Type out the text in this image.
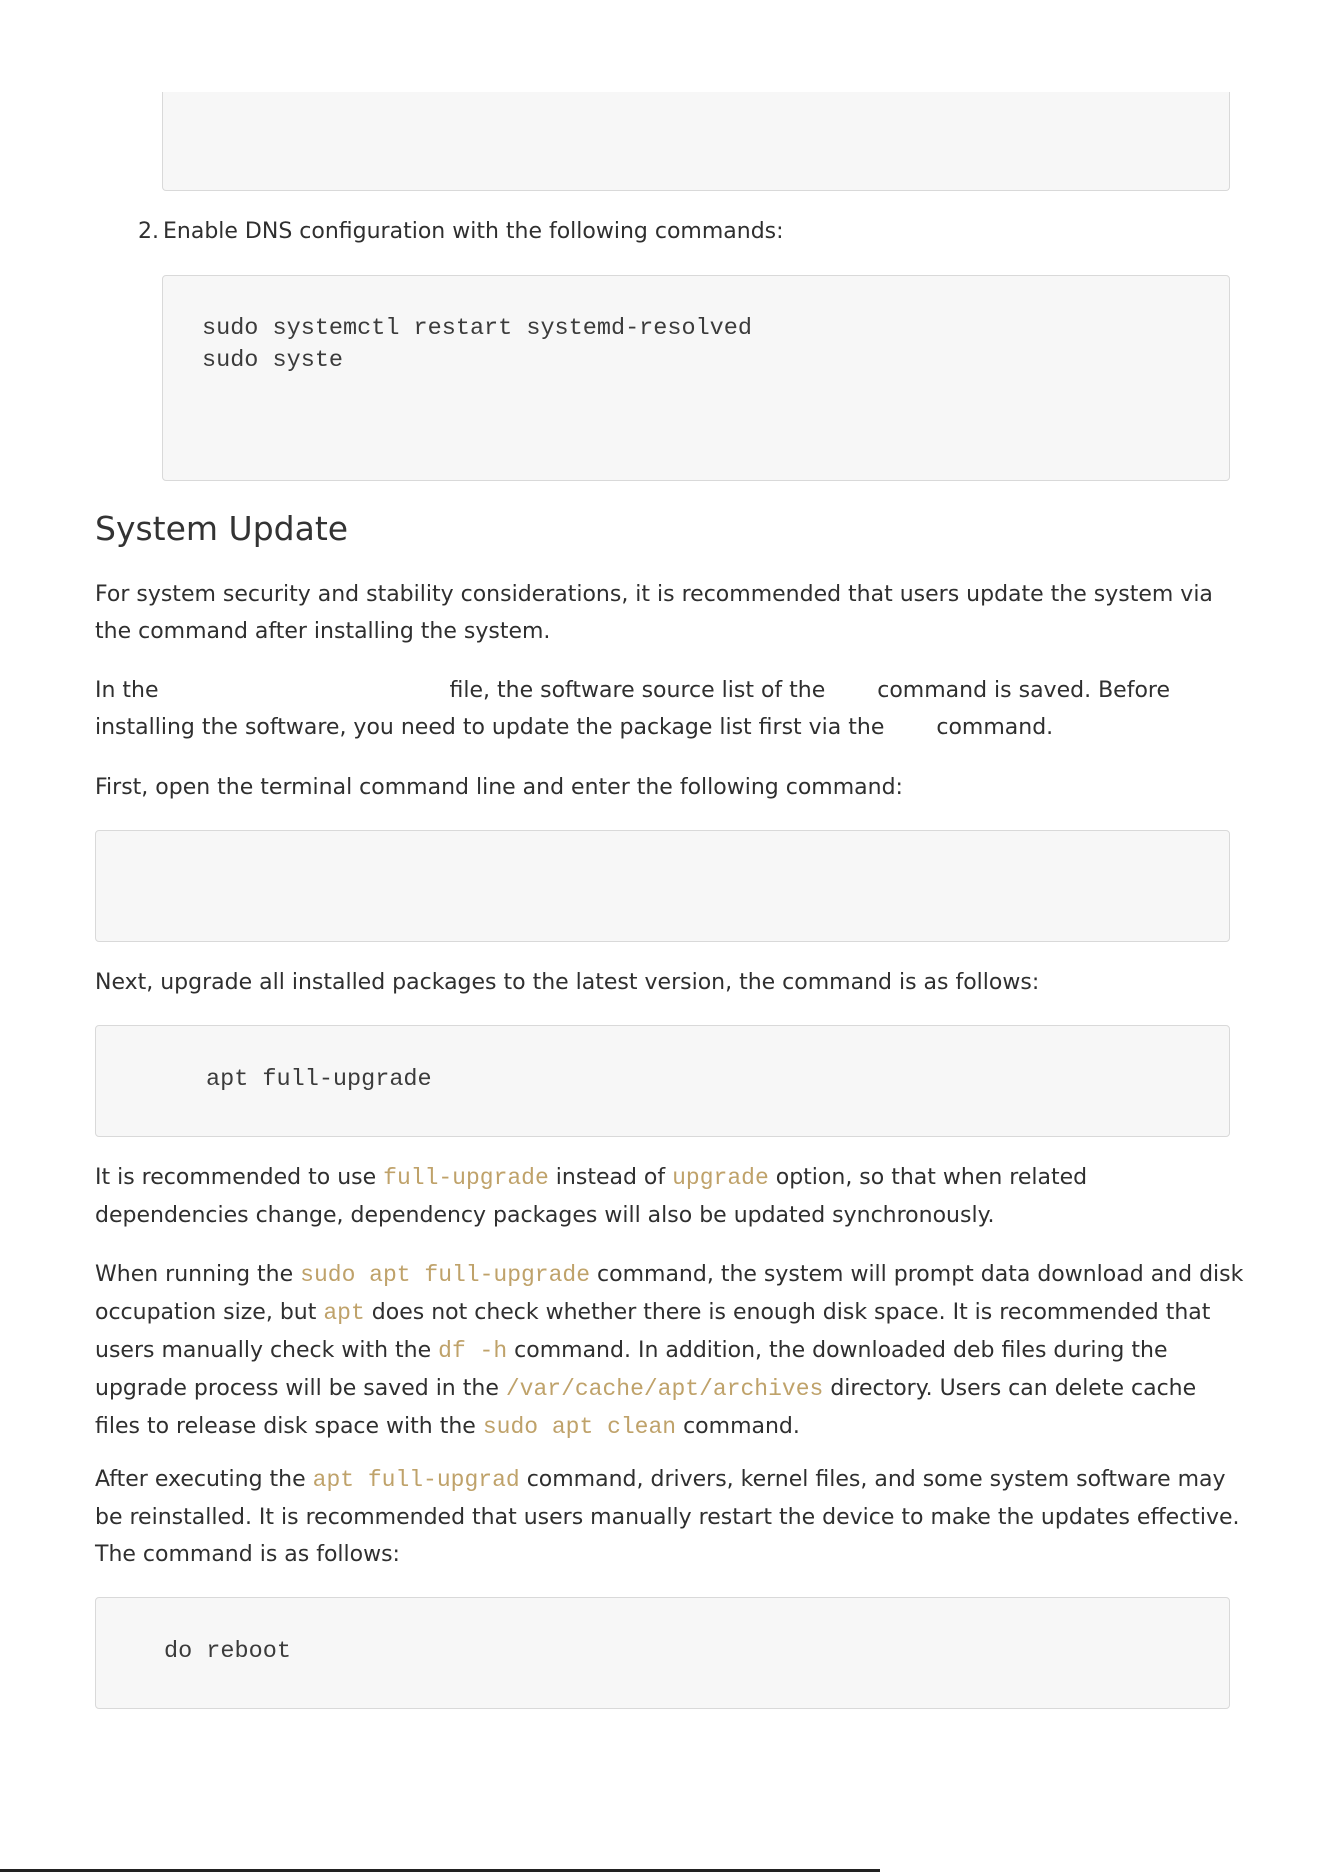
2. Enable DNS configuration with the following commands:
sudo systemctl restart systemd-resolved
sudo syste
System Update

For system security and stability considerations, it is recommended that users update the system via the command after installing the system.

In the	file, the software source list of the command is saved. Before installing the software, you need to update the package list first via the command.

First, open the terminal command line and enter the following command:

Next, upgrade all installed packages to the latest version, the command is as follows:

apt full-upgrade

It is recommended to use full-upgrade instead of upgrade option, so that when related dependencies change, dependency packages will also be updated synchronously.

When running the sudo apt full-upgrade command, the system will prompt data download and disk occupation size, but apt does not check whether there is enough disk space. It is recommended that users manually check with the df -h command. In addition, the downloaded deb files during the upgrade process will be saved in the /var/cache/apt/archives directory. Users can delete cache files to release disk space with the sudo apt clean command.

After executing the apt full-upgrad command, drivers, kernel files, and some system software may be reinstalled. It is recommended that users manually restart the device to make the updates effective. The command is as follows:

do reboot
